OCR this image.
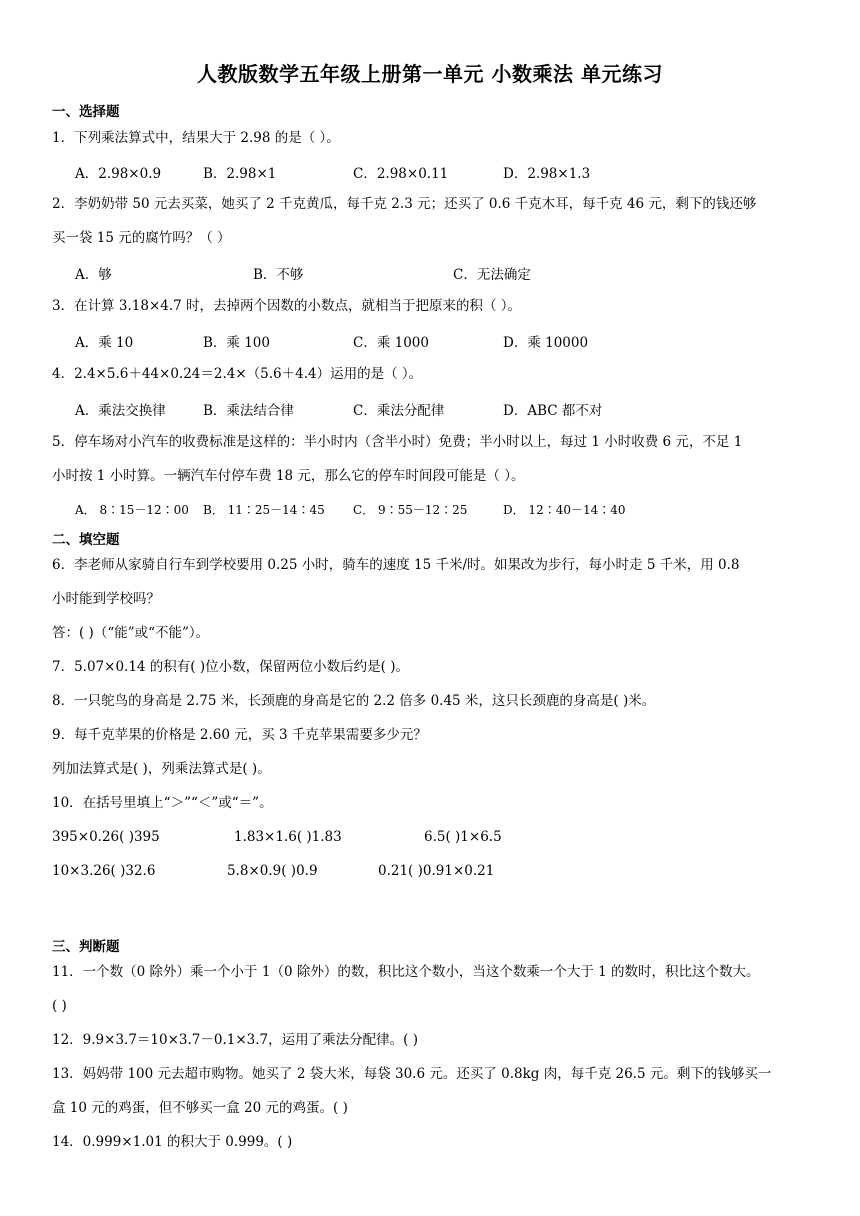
人教版数学五年级上册第一单元 小数乘法 单元练习
一、选择题
1．下列乘法算式中，结果大于 2.98 的是（ ）。
A．2.98×0.9	B．2.98×1	C．2.98×0.11	D．2.98×1.3
2．李奶奶带 50 元去买菜，她买了 2 千克黄瓜，每千克 2.3 元；还买了 0.6 千克木耳，每千克 46 元，剩下的钱还够
买一袋 15 元的腐竹吗？（ ）
A．够	B．不够	C．无法确定
3．在计算 3.18×4.7 时，去掉两个因数的小数点，就相当于把原来的积（ ）。
A．乘 10	B．乘 100	C．乘 1000	D．乘 10000
4．2.4×5.6＋44×0.24＝2.4×（5.6＋4.4）运用的是（ ）。
A．乘法交换律	B．乘法结合律	C．乘法分配律	D．ABC 都不对
5．停车场对小汽车的收费标准是这样的：半小时内（含半小时）免费；半小时以上，每过 1 小时收费 6 元，不足 1
小时按 1 小时算。一辆汽车付停车费 18 元，那么它的停车时间段可能是（ ）。
A． 8∶15－12∶00 B． 11∶25－14∶45 C． 9∶55－12∶25	D． 12∶40－14∶40
二、填空题
6．李老师从家骑自行车到学校要用 0.25 小时，骑车的速度 15 千米/时。如果改为步行，每小时走 5 千米，用 0.8
小时能到学校吗？
答：( )（“能”或“不能”）。
7．5.07×0.14 的积有( )位小数，保留两位小数后约是( )。
8．一只鸵鸟的身高是 2.75 米，长颈鹿的身高是它的 2.2 倍多 0.45 米，这只长颈鹿的身高是( )米。
9．每千克苹果的价格是 2.60 元，买 3 千克苹果需要多少元？
列加法算式是( )，列乘法算式是( )。
10．在括号里填上“＞”“＜”或“＝”。
395×0.26( )395	1.83×1.6( )1.83	6.5( )1×6.5
10×3.26( )32.6	5.8×0.9( )0.9	0.21( )0.91×0.21
三、判断题
11．一个数（0 除外）乘一个小于 1（0 除外）的数，积比这个数小，当这个数乘一个大于 1 的数时，积比这个数大。
( )
12．9.9×3.7＝10×3.7－0.1×3.7，运用了乘法分配律。( )
13．妈妈带 100 元去超市购物。她买了 2 袋大米，每袋 30.6 元。还买了 0.8kg 肉，每千克 26.5 元。剩下的钱够买一
盒 10 元的鸡蛋，但不够买一盒 20 元的鸡蛋。( )
14．0.999×1.01 的积大于 0.999。( )
